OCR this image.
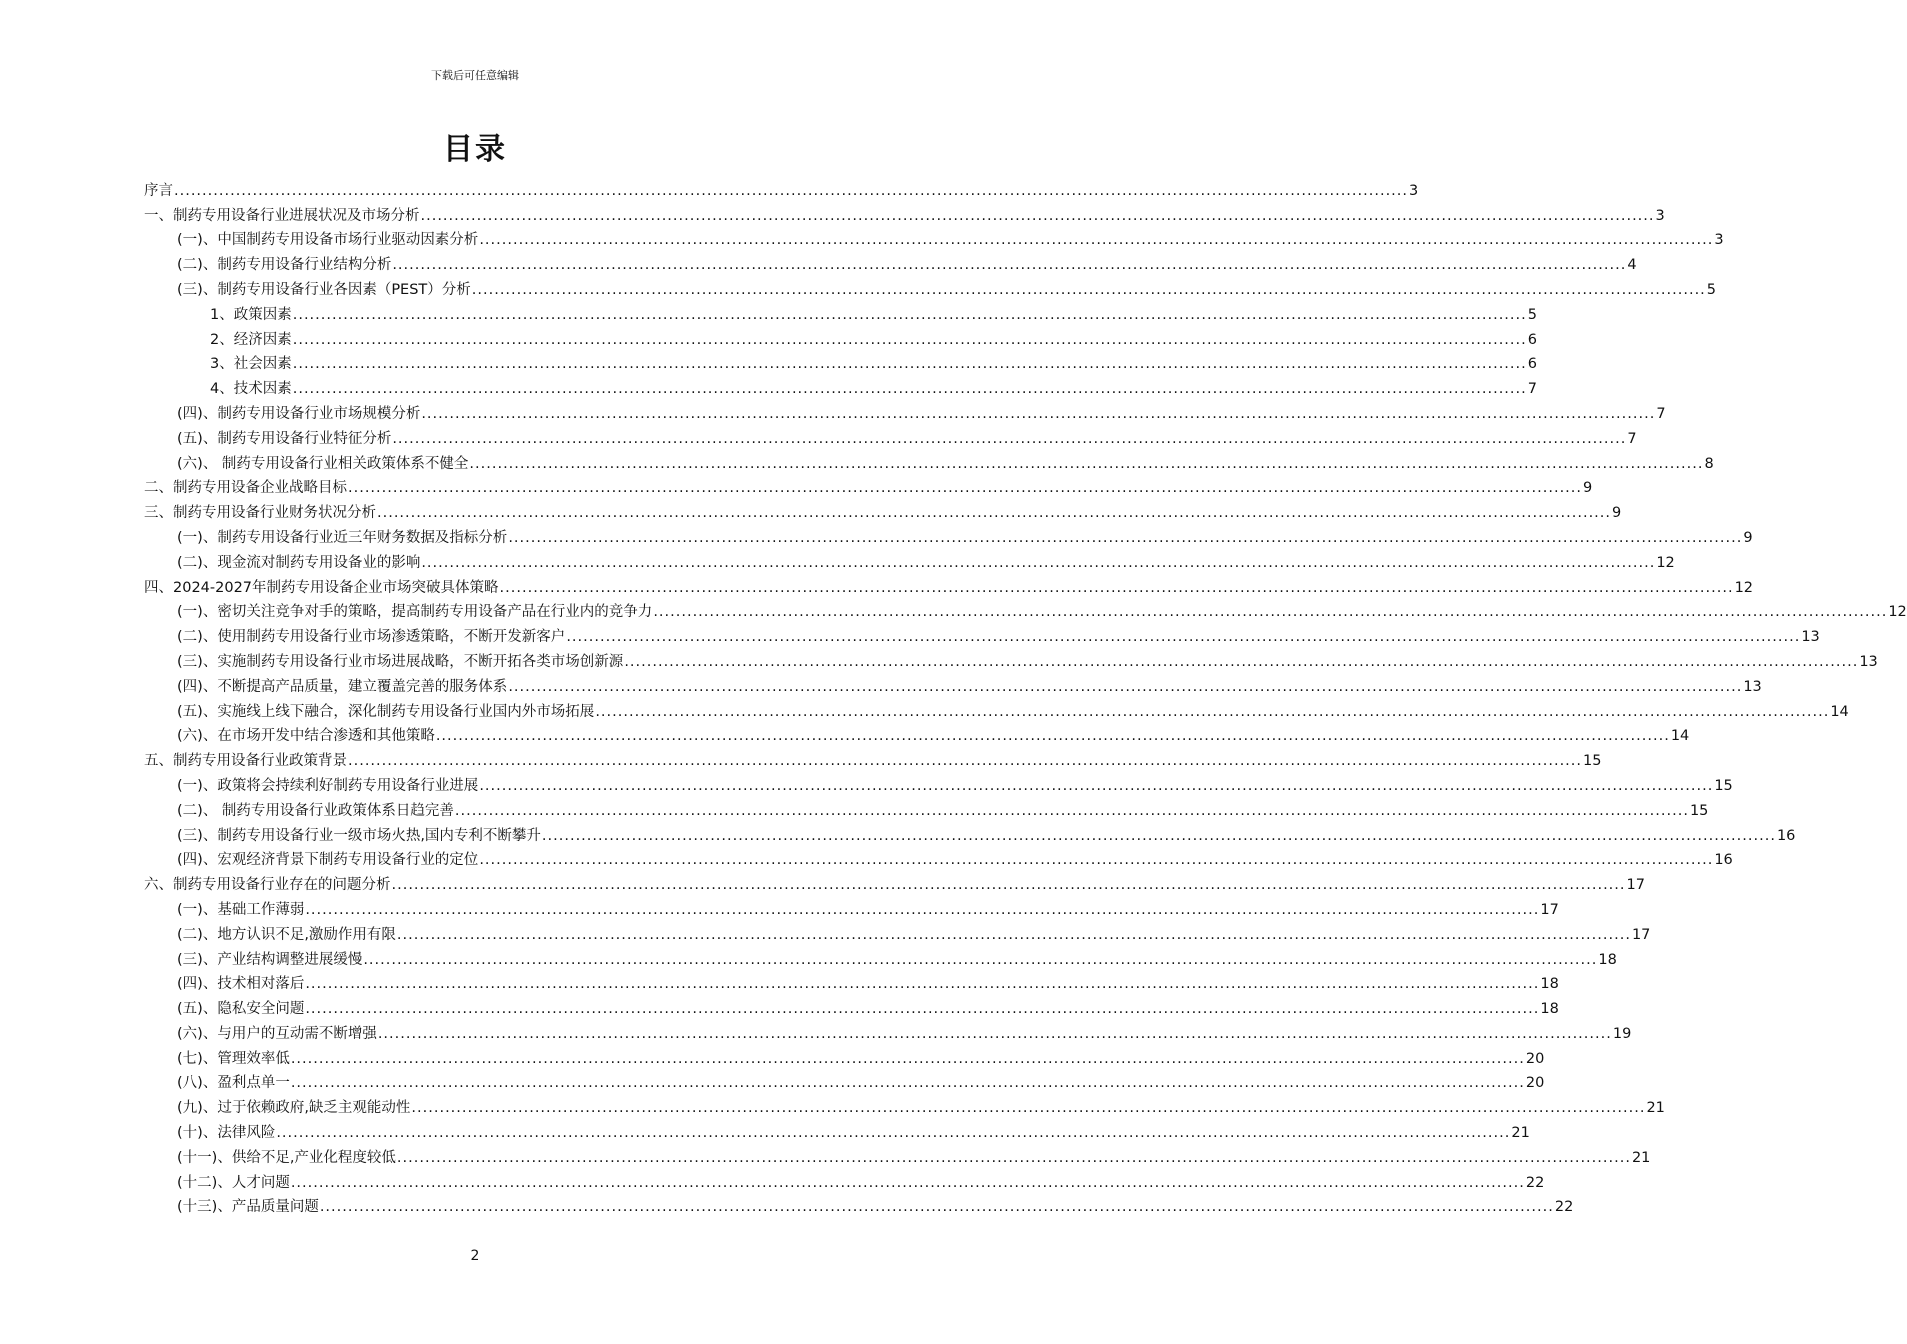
下载后可任意编辑
目录
序言 ............................................................................................................................................................................................................................ 3
一、制药专用设备行业进展状况及市场分析 ............................................................................................................................................................................................................................ 3
(一)、中国制药专用设备市场行业驱动因素分析 ............................................................................................................................................................................................................................ 3
(二)、制药专用设备行业结构分析 ............................................................................................................................................................................................................................ 4
(三)、制药专用设备行业各因素（PEST）分析 ............................................................................................................................................................................................................................ 5
1、政策因素 ............................................................................................................................................................................................................................ 5
2、经济因素 ............................................................................................................................................................................................................................ 6
3、社会因素 ............................................................................................................................................................................................................................ 6
4、技术因素 ............................................................................................................................................................................................................................ 7
(四)、制药专用设备行业市场规模分析 ............................................................................................................................................................................................................................ 7
(五)、制药专用设备行业特征分析 ............................................................................................................................................................................................................................ 7
(六)、 制药专用设备行业相关政策体系不健全 ............................................................................................................................................................................................................................ 8
二、制药专用设备企业战略目标 ............................................................................................................................................................................................................................ 9
三、制药专用设备行业财务状况分析 ............................................................................................................................................................................................................................ 9
(一)、制药专用设备行业近三年财务数据及指标分析 ............................................................................................................................................................................................................................ 9
(二)、现金流对制药专用设备业的影响 ............................................................................................................................................................................................................................ 12
四、2024-2027年制药专用设备企业市场突破具体策略 ............................................................................................................................................................................................................................ 12
(一)、密切关注竞争对手的策略，提高制药专用设备产品在行业内的竞争力 ............................................................................................................................................................................................................................ 12
(二)、使用制药专用设备行业市场渗透策略，不断开发新客户 ............................................................................................................................................................................................................................ 13
(三)、实施制药专用设备行业市场进展战略，不断开拓各类市场创新源 ............................................................................................................................................................................................................................ 13
(四)、不断提高产品质量，建立覆盖完善的服务体系 ............................................................................................................................................................................................................................ 13
(五)、实施线上线下融合，深化制药专用设备行业国内外市场拓展 ............................................................................................................................................................................................................................ 14
(六)、在市场开发中结合渗透和其他策略 ............................................................................................................................................................................................................................ 14
五、制药专用设备行业政策背景 ............................................................................................................................................................................................................................ 15
(一)、政策将会持续利好制药专用设备行业进展 ............................................................................................................................................................................................................................ 15
(二)、 制药专用设备行业政策体系日趋完善 ............................................................................................................................................................................................................................ 15
(三)、制药专用设备行业一级市场火热,国内专利不断攀升 ............................................................................................................................................................................................................................ 16
(四)、宏观经济背景下制药专用设备行业的定位 ............................................................................................................................................................................................................................ 16
六、制药专用设备行业存在的问题分析 ............................................................................................................................................................................................................................ 17
(一)、基础工作薄弱 ............................................................................................................................................................................................................................ 17
(二)、地方认识不足,激励作用有限 ............................................................................................................................................................................................................................ 17
(三)、产业结构调整进展缓慢 ............................................................................................................................................................................................................................ 18
(四)、技术相对落后 ............................................................................................................................................................................................................................ 18
(五)、隐私安全问题 ............................................................................................................................................................................................................................ 18
(六)、与用户的互动需不断增强 ............................................................................................................................................................................................................................ 19
(七)、管理效率低 ............................................................................................................................................................................................................................ 20
(八)、盈利点单一 ............................................................................................................................................................................................................................ 20
(九)、过于依赖政府,缺乏主观能动性 ............................................................................................................................................................................................................................ 21
(十)、法律风险 ............................................................................................................................................................................................................................ 21
(十一)、供给不足,产业化程度较低 ............................................................................................................................................................................................................................ 21
(十二)、人才问题 ............................................................................................................................................................................................................................ 22
(十三)、产品质量问题 ............................................................................................................................................................................................................................ 22
2
